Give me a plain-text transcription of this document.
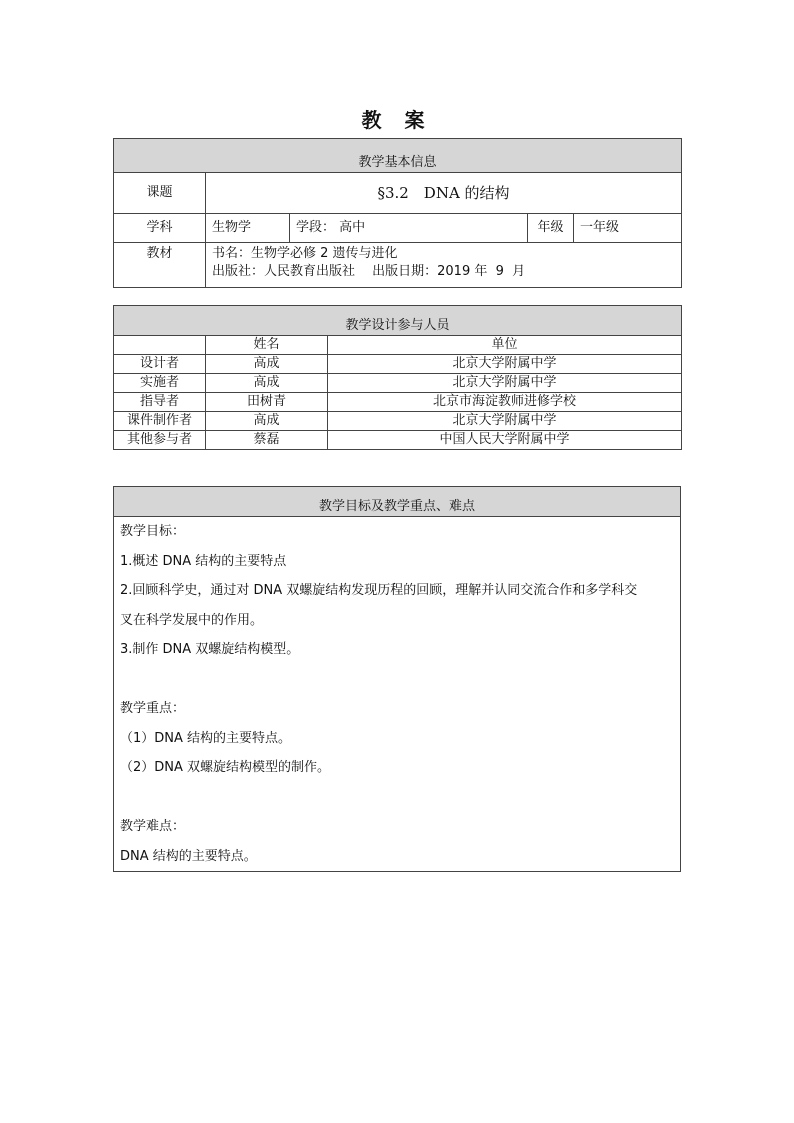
教 案
教学基本信息				
课题	§3.2　DNA 的结构			
学科	生物学	学段： 高中	年级	一年级
教材	书名：生物学必修 2 遗传与进化
出版社：人民教育出版社　 出版日期：2019 年  9  月			
教学设计参与人员		
	姓名	单位
设计者	高成	北京大学附属中学
实施者	高成	北京大学附属中学
指导者	田树青	北京市海淀教师进修学校
课件制作者	高成	北京大学附属中学
其他参与者	蔡磊	中国人民大学附属中学
教学目标及教学重点、难点

教学目标：
1.概述 DNA 结构的主要特点
2.回顾科学史，通过对 DNA 双螺旋结构发现历程的回顾，理解并认同交流合作和多学科交
叉在科学发展中的作用。
3.制作 DNA 双螺旋结构模型。
教学重点：
（1）DNA 结构的主要特点。
（2）DNA 双螺旋结构模型的制作。
教学难点：
DNA 结构的主要特点。
